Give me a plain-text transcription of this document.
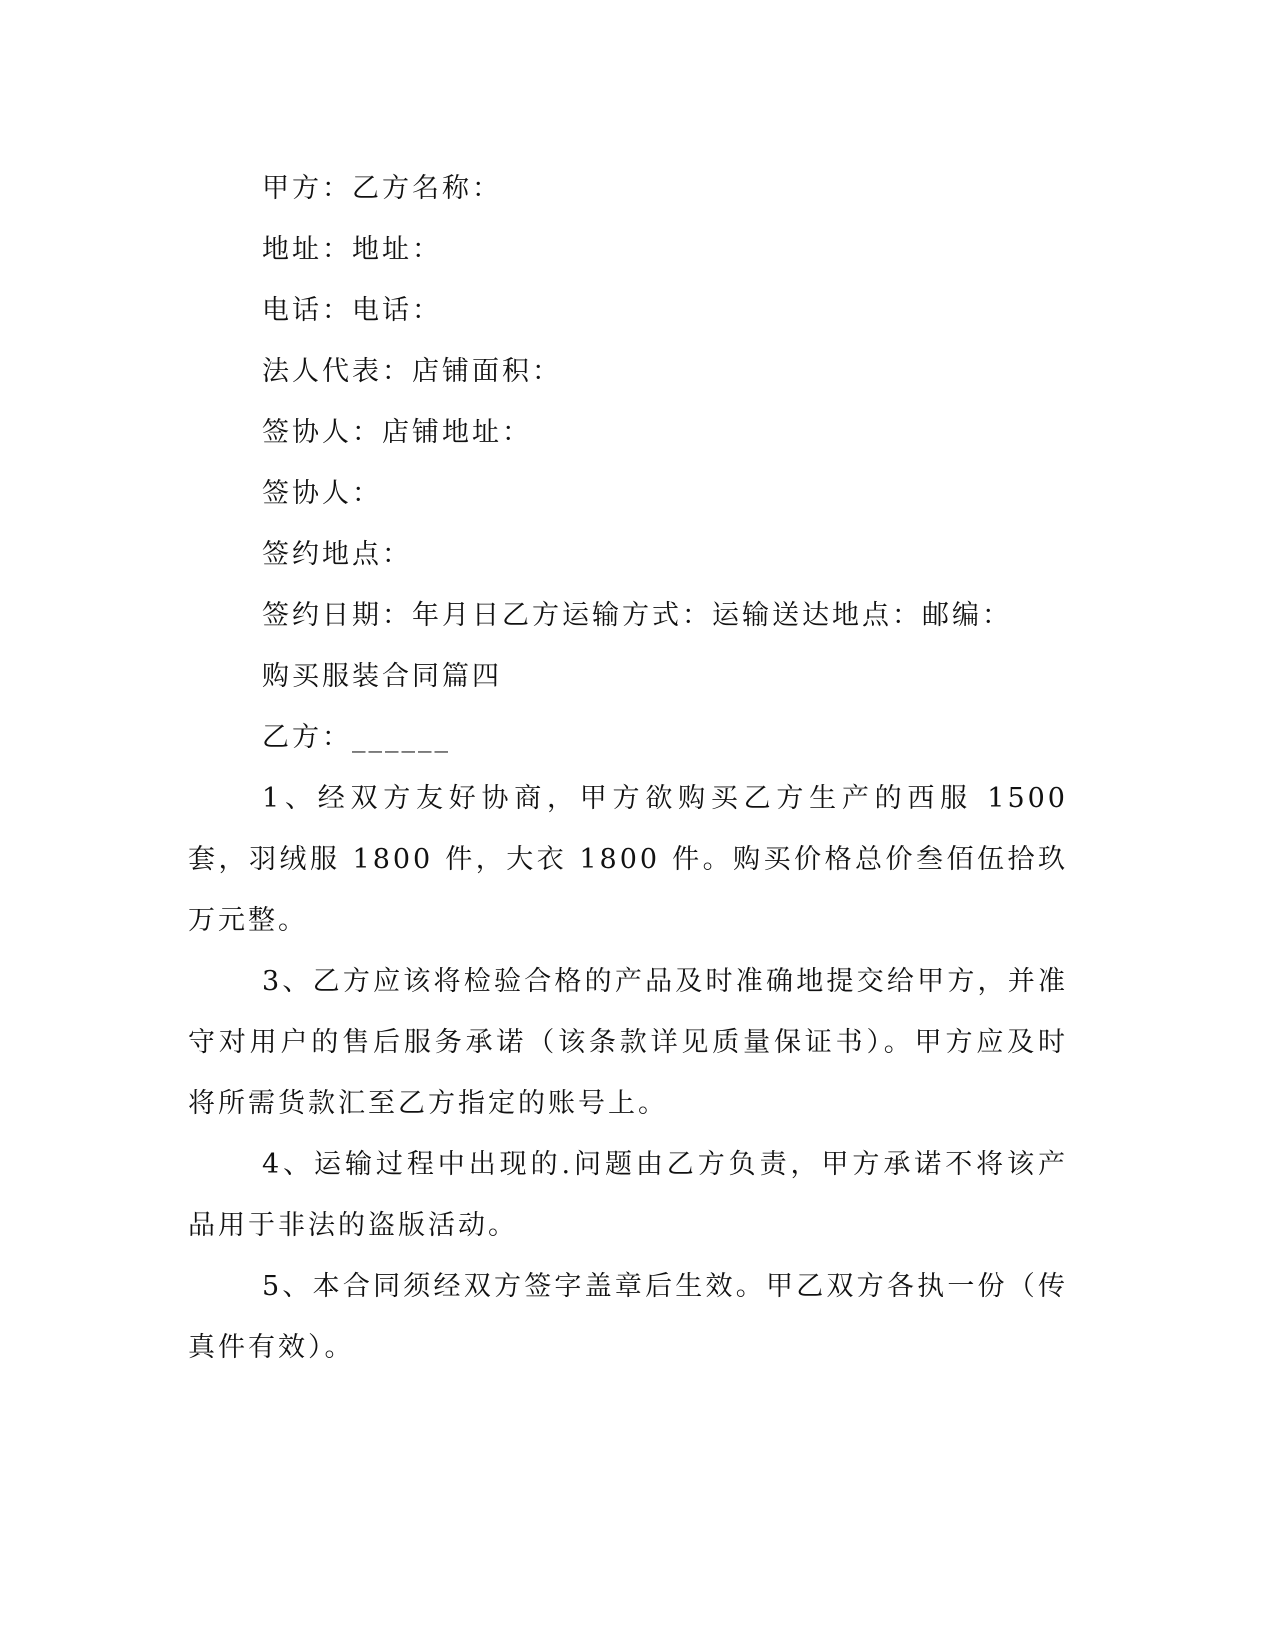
甲方：乙方名称：
地址：地址：
电话：电话：
法人代表：店铺面积：
签协人：店铺地址：
签协人：
签约地点：
签约日期：年月日乙方运输方式：运输送达地点：邮编：
购买服装合同篇四
乙方：______

1、经双方友好协商，甲方欲购买乙方生产的西服 1500 套，羽绒服 1800 件，大衣 1800 件。购买价格总价叁佰伍拾玖万元整。

3、乙方应该将检验合格的产品及时准确地提交给甲方，并准守对用户的售后服务承诺（该条款详见质量保证书）。甲方应及时将所需货款汇至乙方指定的账号上。

4、运输过程中出现的.问题由乙方负责，甲方承诺不将该产品用于非法的盗版活动。

5、本合同须经双方签字盖章后生效。甲乙双方各执一份（传真件有效）。
